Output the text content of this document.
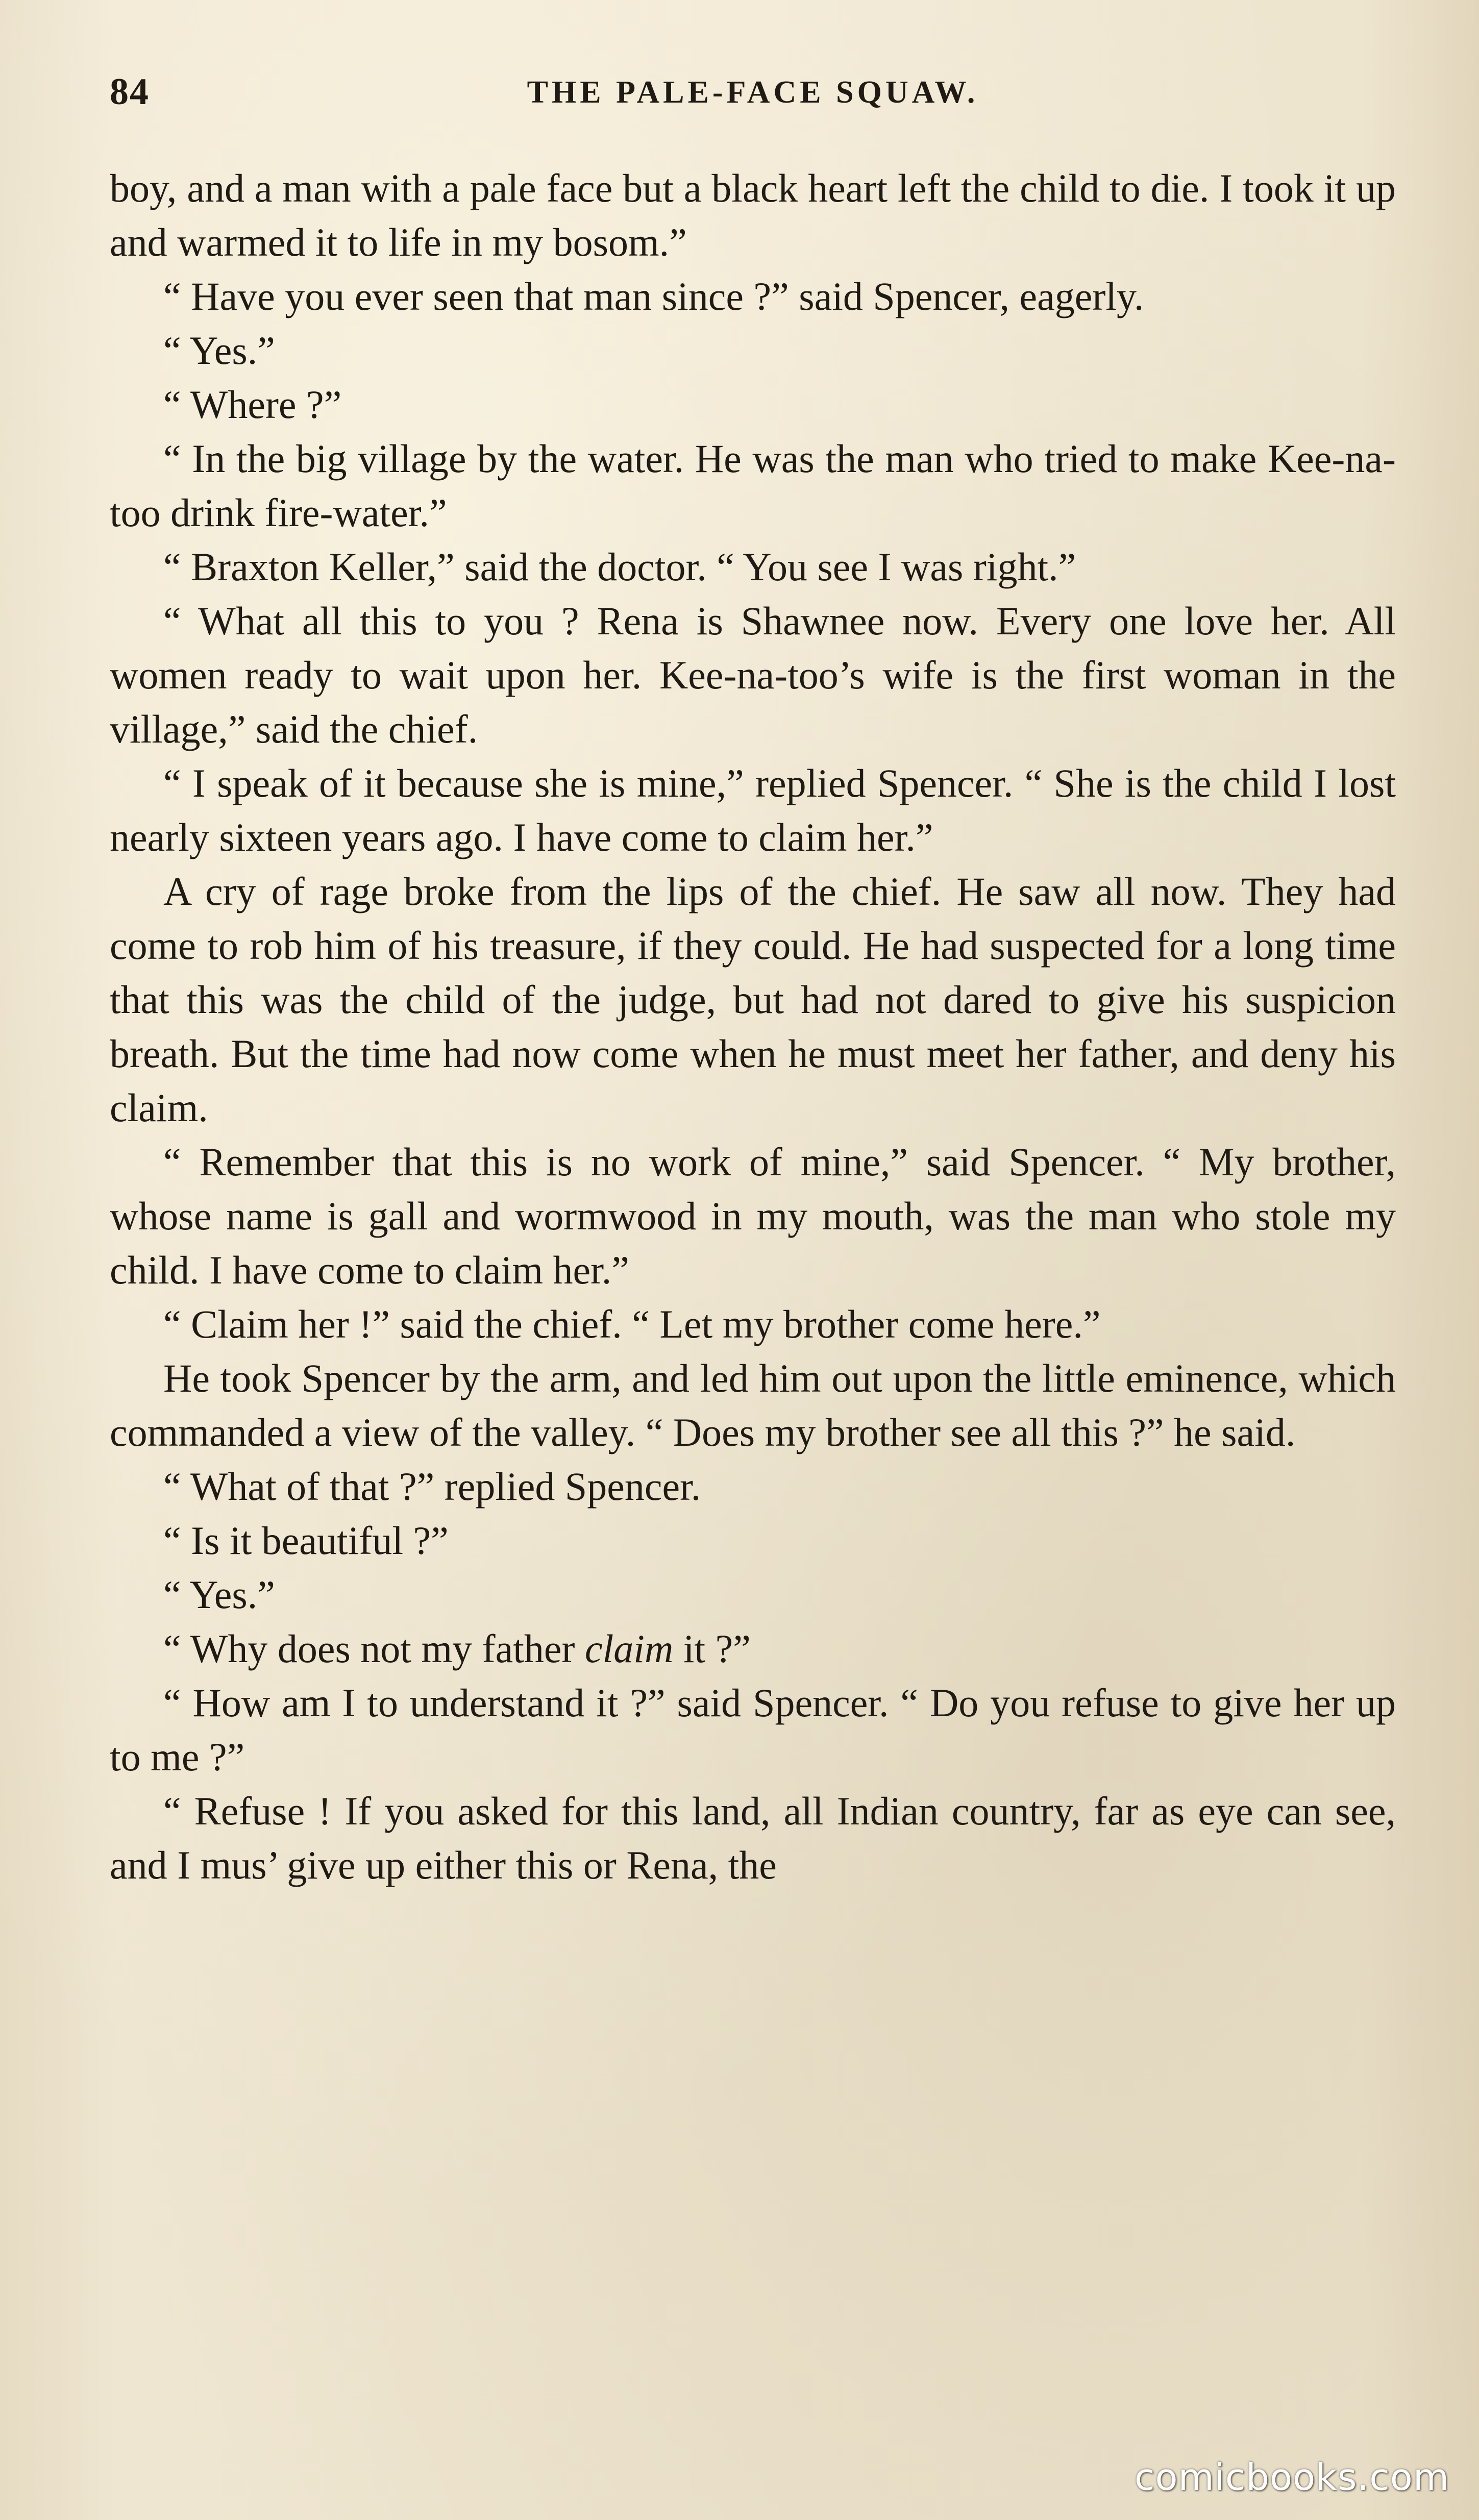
84	THE PALE-FACE SQUAW.

boy, and a man with a pale face but a black heart left the child to die. I took it up and warmed it to life in my bosom.”

“ Have you ever seen that man since ?” said Spencer, eagerly.

“ Yes.”

“ Where ?”

“ In the big village by the water. He was the man who tried to make Kee-na-too drink fire-water.”

“ Braxton Keller,” said the doctor. “ You see I was right.”

“ What all this to you ? Rena is Shawnee now. Every one love her. All women ready to wait upon her. Kee-na-too’s wife is the first woman in the village,” said the chief.

“ I speak of it because she is mine,” replied Spencer. “ She is the child I lost nearly sixteen years ago. I have come to claim her.”

A cry of rage broke from the lips of the chief. He saw all now. They had come to rob him of his treasure, if they could. He had suspected for a long time that this was the child of the judge, but had not dared to give his suspicion breath. But the time had now come when he must meet her father, and deny his claim.

“ Remember that this is no work of mine,” said Spencer. “ My brother, whose name is gall and wormwood in my mouth, was the man who stole my child. I have come to claim her.”

“ Claim her !” said the chief. “ Let my brother come here.”

He took Spencer by the arm, and led him out upon the little eminence, which commanded a view of the valley. “ Does my brother see all this ?” he said.

“ What of that ?” replied Spencer.

“ Is it beautiful ?”

“ Yes.”

“ Why does not my father claim it ?”

“ How am I to understand it ?” said Spencer. “ Do you refuse to give her up to me ?”

“ Refuse ! If you asked for this land, all Indian country, far as eye can see, and I mus’ give up either this or Rena, the

comicbooks.com
